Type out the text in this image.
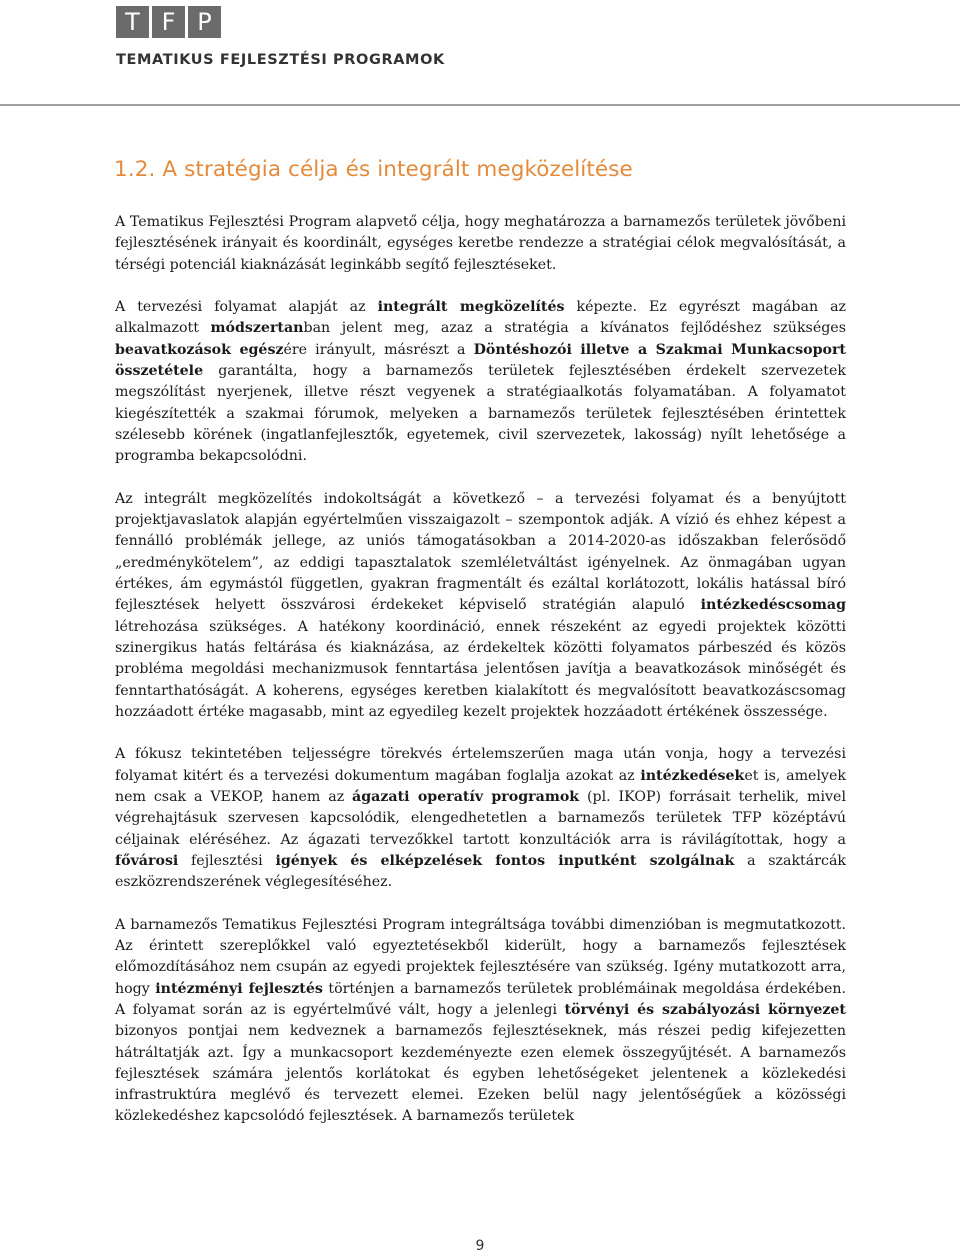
T F P
TEMATIKUS FEJLESZTÉSI PROGRAMOK
1.2. A stratégia célja és integrált megközelítése

A Tematikus Fejlesztési Program alapvető célja, hogy meghatározza a barnamezős területek jövőbeni fejlesztésének irányait és koordinált, egységes keretbe rendezze a stratégiai célok megvalósítását, a térségi potenciál kiaknázását leginkább segítő fejlesztéseket.

A tervezési folyamat alapját az integrált megközelítés képezte. Ez egyrészt magában az alkalmazott módszertanban jelent meg, azaz a stratégia a kívánatos fejlődéshez szükséges beavatkozások egészére irányult, másrészt a Döntéshozói illetve a Szakmai Munkacsoport összetétele garantálta, hogy a barnamezős területek fejlesztésében érdekelt szervezetek megszólítást nyerjenek, illetve részt vegyenek a stratégiaalkotás folyamatában. A folyamatot kiegészítették a szakmai fórumok, melyeken a barnamezős területek fejlesztésében érintettek szélesebb körének (ingatlanfejlesztők, egyetemek, civil szervezetek, lakosság) nyílt lehetősége a programba bekapcsolódni.

Az integrált megközelítés indokoltságát a következő – a tervezési folyamat és a benyújtott projektjavaslatok alapján egyértelműen visszaigazolt – szempontok adják. A vízió és ehhez képest a fennálló problémák jellege, az uniós támogatásokban a 2014-2020-as időszakban felerősödő „eredménykötelem”, az eddigi tapasztalatok szemléletváltást igényelnek. Az önmagában ugyan értékes, ám egymástól független, gyakran fragmentált és ezáltal korlátozott, lokális hatással bíró fejlesztések helyett összvárosi érdekeket képviselő stratégián alapuló intézkedéscsomag létrehozása szükséges. A hatékony koordináció, ennek részeként az egyedi projektek közötti szinergikus hatás feltárása és kiaknázása, az érdekeltek közötti folyamatos párbeszéd és közös probléma megoldási mechanizmusok fenntartása jelentősen javítja a beavatkozások minőségét és fenntarthatóságát. A koherens, egységes keretben kialakított és megvalósított beavatkozáscsomag hozzáadott értéke magasabb, mint az egyedileg kezelt projektek hozzáadott értékének összessége.

A fókusz tekintetében teljességre törekvés értelemszerűen maga után vonja, hogy a tervezési folyamat kitért és a tervezési dokumentum magában foglalja azokat az intézkedéseket is, amelyek nem csak a VEKOP, hanem az ágazati operatív programok (pl. IKOP) forrásait terhelik, mivel végrehajtásuk szervesen kapcsolódik, elengedhetetlen a barnamezős területek TFP középtávú céljainak eléréséhez. Az ágazati tervezőkkel tartott konzultációk arra is rávilágítottak, hogy a fővárosi fejlesztési igények és elképzelések fontos inputként szolgálnak a szaktárcák eszközrendszerének véglegesítéséhez.

A barnamezős Tematikus Fejlesztési Program integráltsága további dimenzióban is megmutatkozott. Az érintett szereplőkkel való egyeztetésekből kiderült, hogy a barnamezős fejlesztések előmozdításához nem csupán az egyedi projektek fejlesztésére van szükség. Igény mutatkozott arra, hogy intézményi fejlesztés történjen a barnamezős területek problémáinak megoldása érdekében. A folyamat során az is egyértelművé vált, hogy a jelenlegi törvényi és szabályozási környezet bizonyos pontjai nem kedveznek a barnamezős fejlesztéseknek, más részei pedig kifejezetten hátráltatják azt. Így a munkacsoport kezdeményezte ezen elemek összegyűjtését. A barnamezős fejlesztések számára jelentős korlátokat és egyben lehetőségeket jelentenek a közlekedési infrastruktúra meglévő és tervezett elemei. Ezeken belül nagy jelentőségűek a közösségi közlekedéshez kapcsolódó fejlesztések. A barnamezős területek

9
